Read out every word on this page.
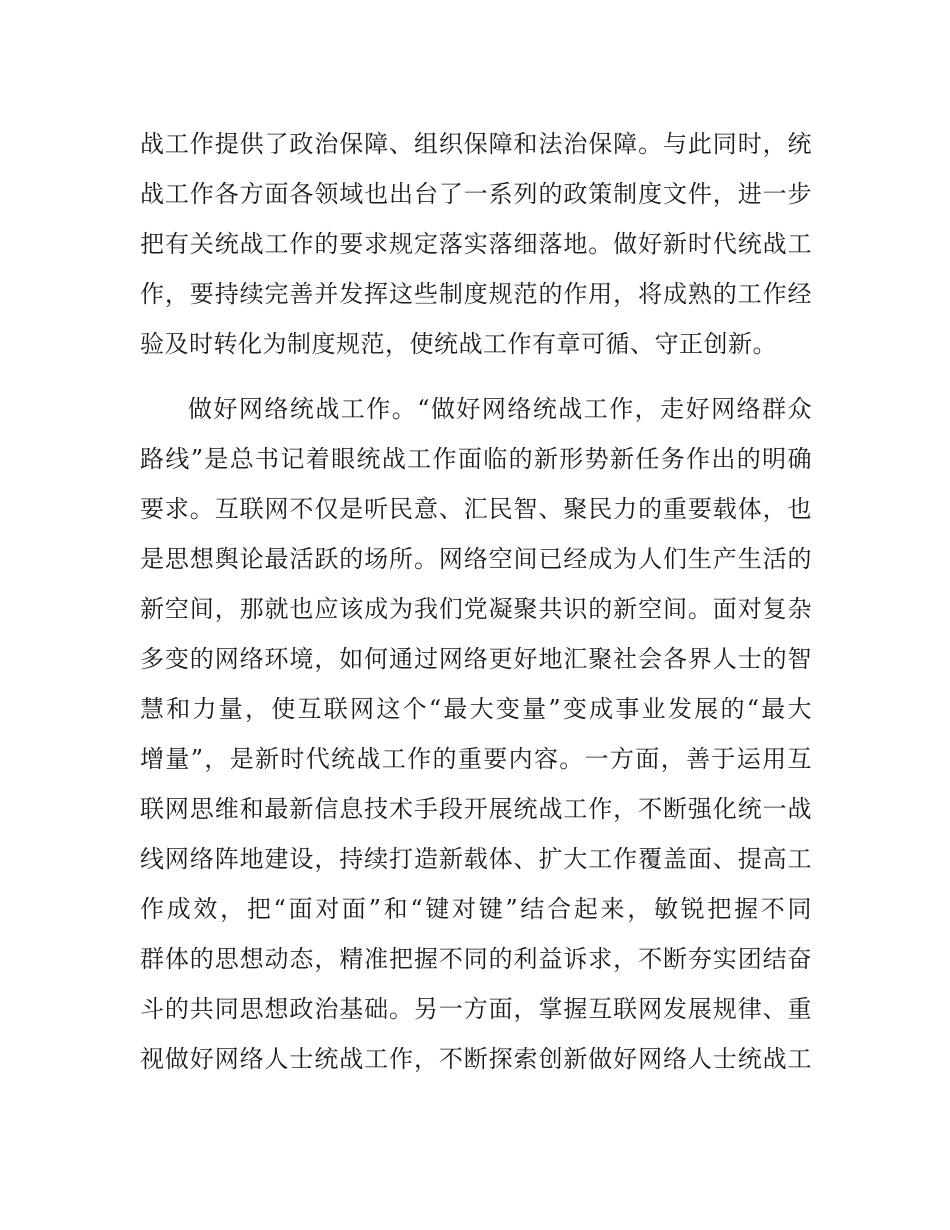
战工作提供了政治保障、组织保障和法治保障。与此同时，统
战工作各方面各领域也出台了一系列的政策制度文件，进一步
把有关统战工作的要求规定落实落细落地。做好新时代统战工
作，要持续完善并发挥这些制度规范的作用，将成熟的工作经
验及时转化为制度规范，使统战工作有章可循、守正创新。
做好网络统战工作。“做好网络统战工作，走好网络群众
路线”是总书记着眼统战工作面临的新形势新任务作出的明确
要求。互联网不仅是听民意、汇民智、聚民力的重要载体，也
是思想舆论最活跃的场所。网络空间已经成为人们生产生活的
新空间，那就也应该成为我们党凝聚共识的新空间。面对复杂
多变的网络环境，如何通过网络更好地汇聚社会各界人士的智
慧和力量，使互联网这个“最大变量”变成事业发展的“最大
增量”，是新时代统战工作的重要内容。一方面，善于运用互
联网思维和最新信息技术手段开展统战工作，不断强化统一战
线网络阵地建设，持续打造新载体、扩大工作覆盖面、提高工
作成效，把“面对面”和“键对键”结合起来，敏锐把握不同
群体的思想动态，精准把握不同的利益诉求，不断夯实团结奋
斗的共同思想政治基础。另一方面，掌握互联网发展规律、重
视做好网络人士统战工作，不断探索创新做好网络人士统战工
